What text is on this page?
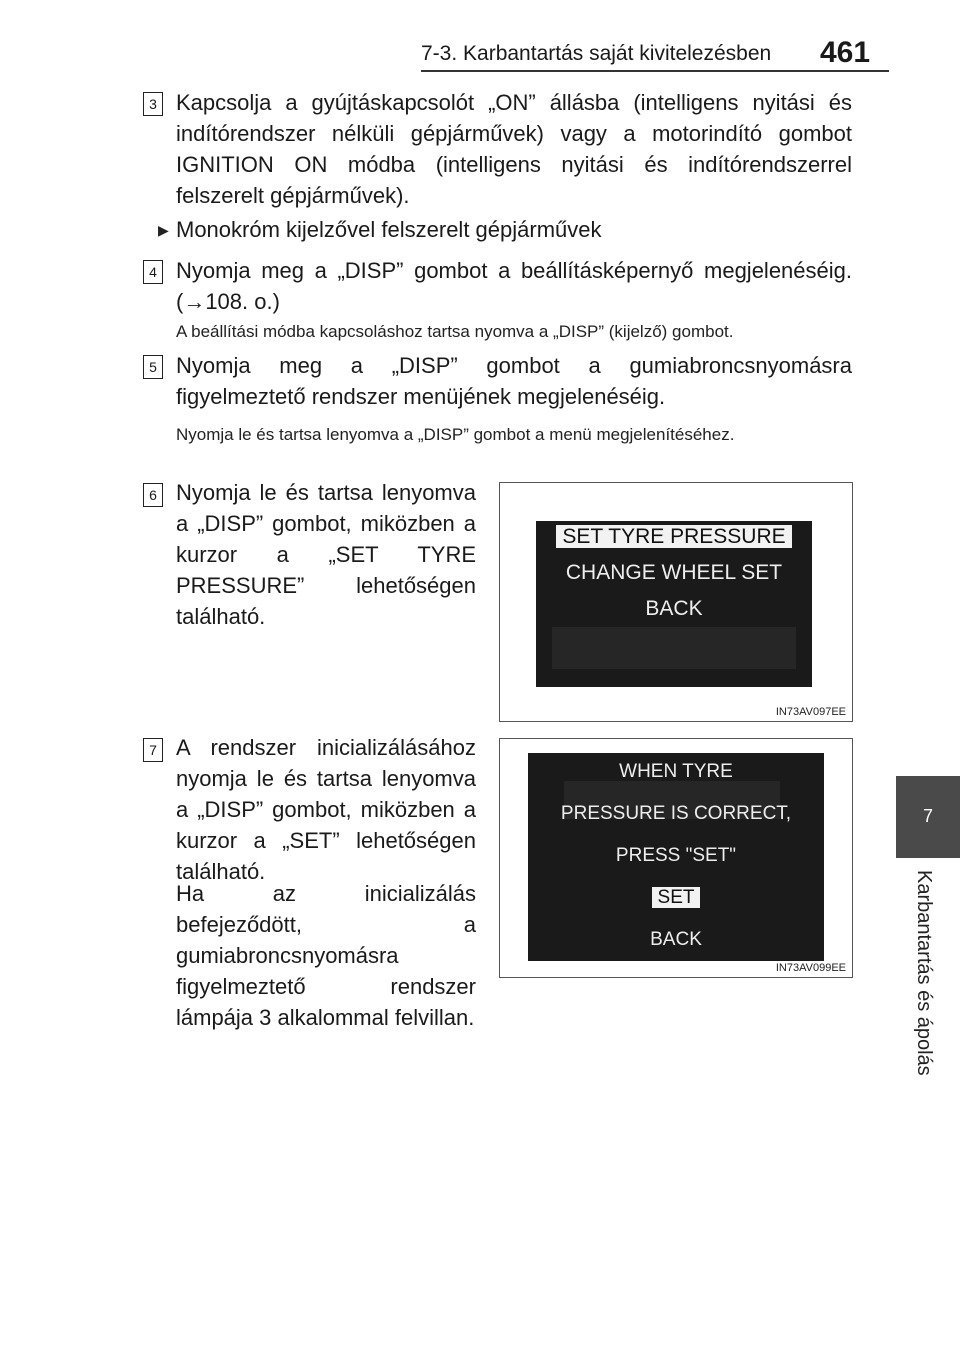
7-3. Karbantartás saját kivitelezésben 461
7
Karbantartás és ápolás
3 Kapcsolja a gyújtáskapcsolót „ON” állásba (intelligens nyitási és indítórendszer nélküli gépjárművek) vagy a motorindító gombot IGNITION ON módba (intelligens nyitási és indítórendszerrel felszerelt gépjárművek).
▶ Monokróm kijelzővel felszerelt gépjárművek
4 Nyomja meg a „DISP” gombot a beállításképernyő megjelenéséig. (→108. o.)
A beállítási módba kapcsoláshoz tartsa nyomva a „DISP” (kijelző) gombot.
5 Nyomja meg a „DISP” gombot a gumiabroncsnyomásra figyelmeztető rendszer menüjének megjelenéséig.
Nyomja le és tartsa lenyomva a „DISP” gombot a menü megjelenítéséhez.
6 Nyomja le és tartsa lenyomva a „DISP” gombot, miközben a kurzor a „SET TYRE PRESSURE” lehetőségen található.
SET TYRE PRESSURE
CHANGE WHEEL SET
BACK
IN73AV097EE
7 A rendszer inicializálásához nyomja le és tartsa lenyomva a „DISP” gombot, miközben a kurzor a „SET” lehetőségen található.
Ha az inicializálás befejeződött, a gumiabroncsnyomásra figyelmeztető rendszer lámpája 3 alkalommal felvillan.
WHEN TYRE
PRESSURE IS CORRECT,
PRESS "SET"
SET
BACK
IN73AV099EE
